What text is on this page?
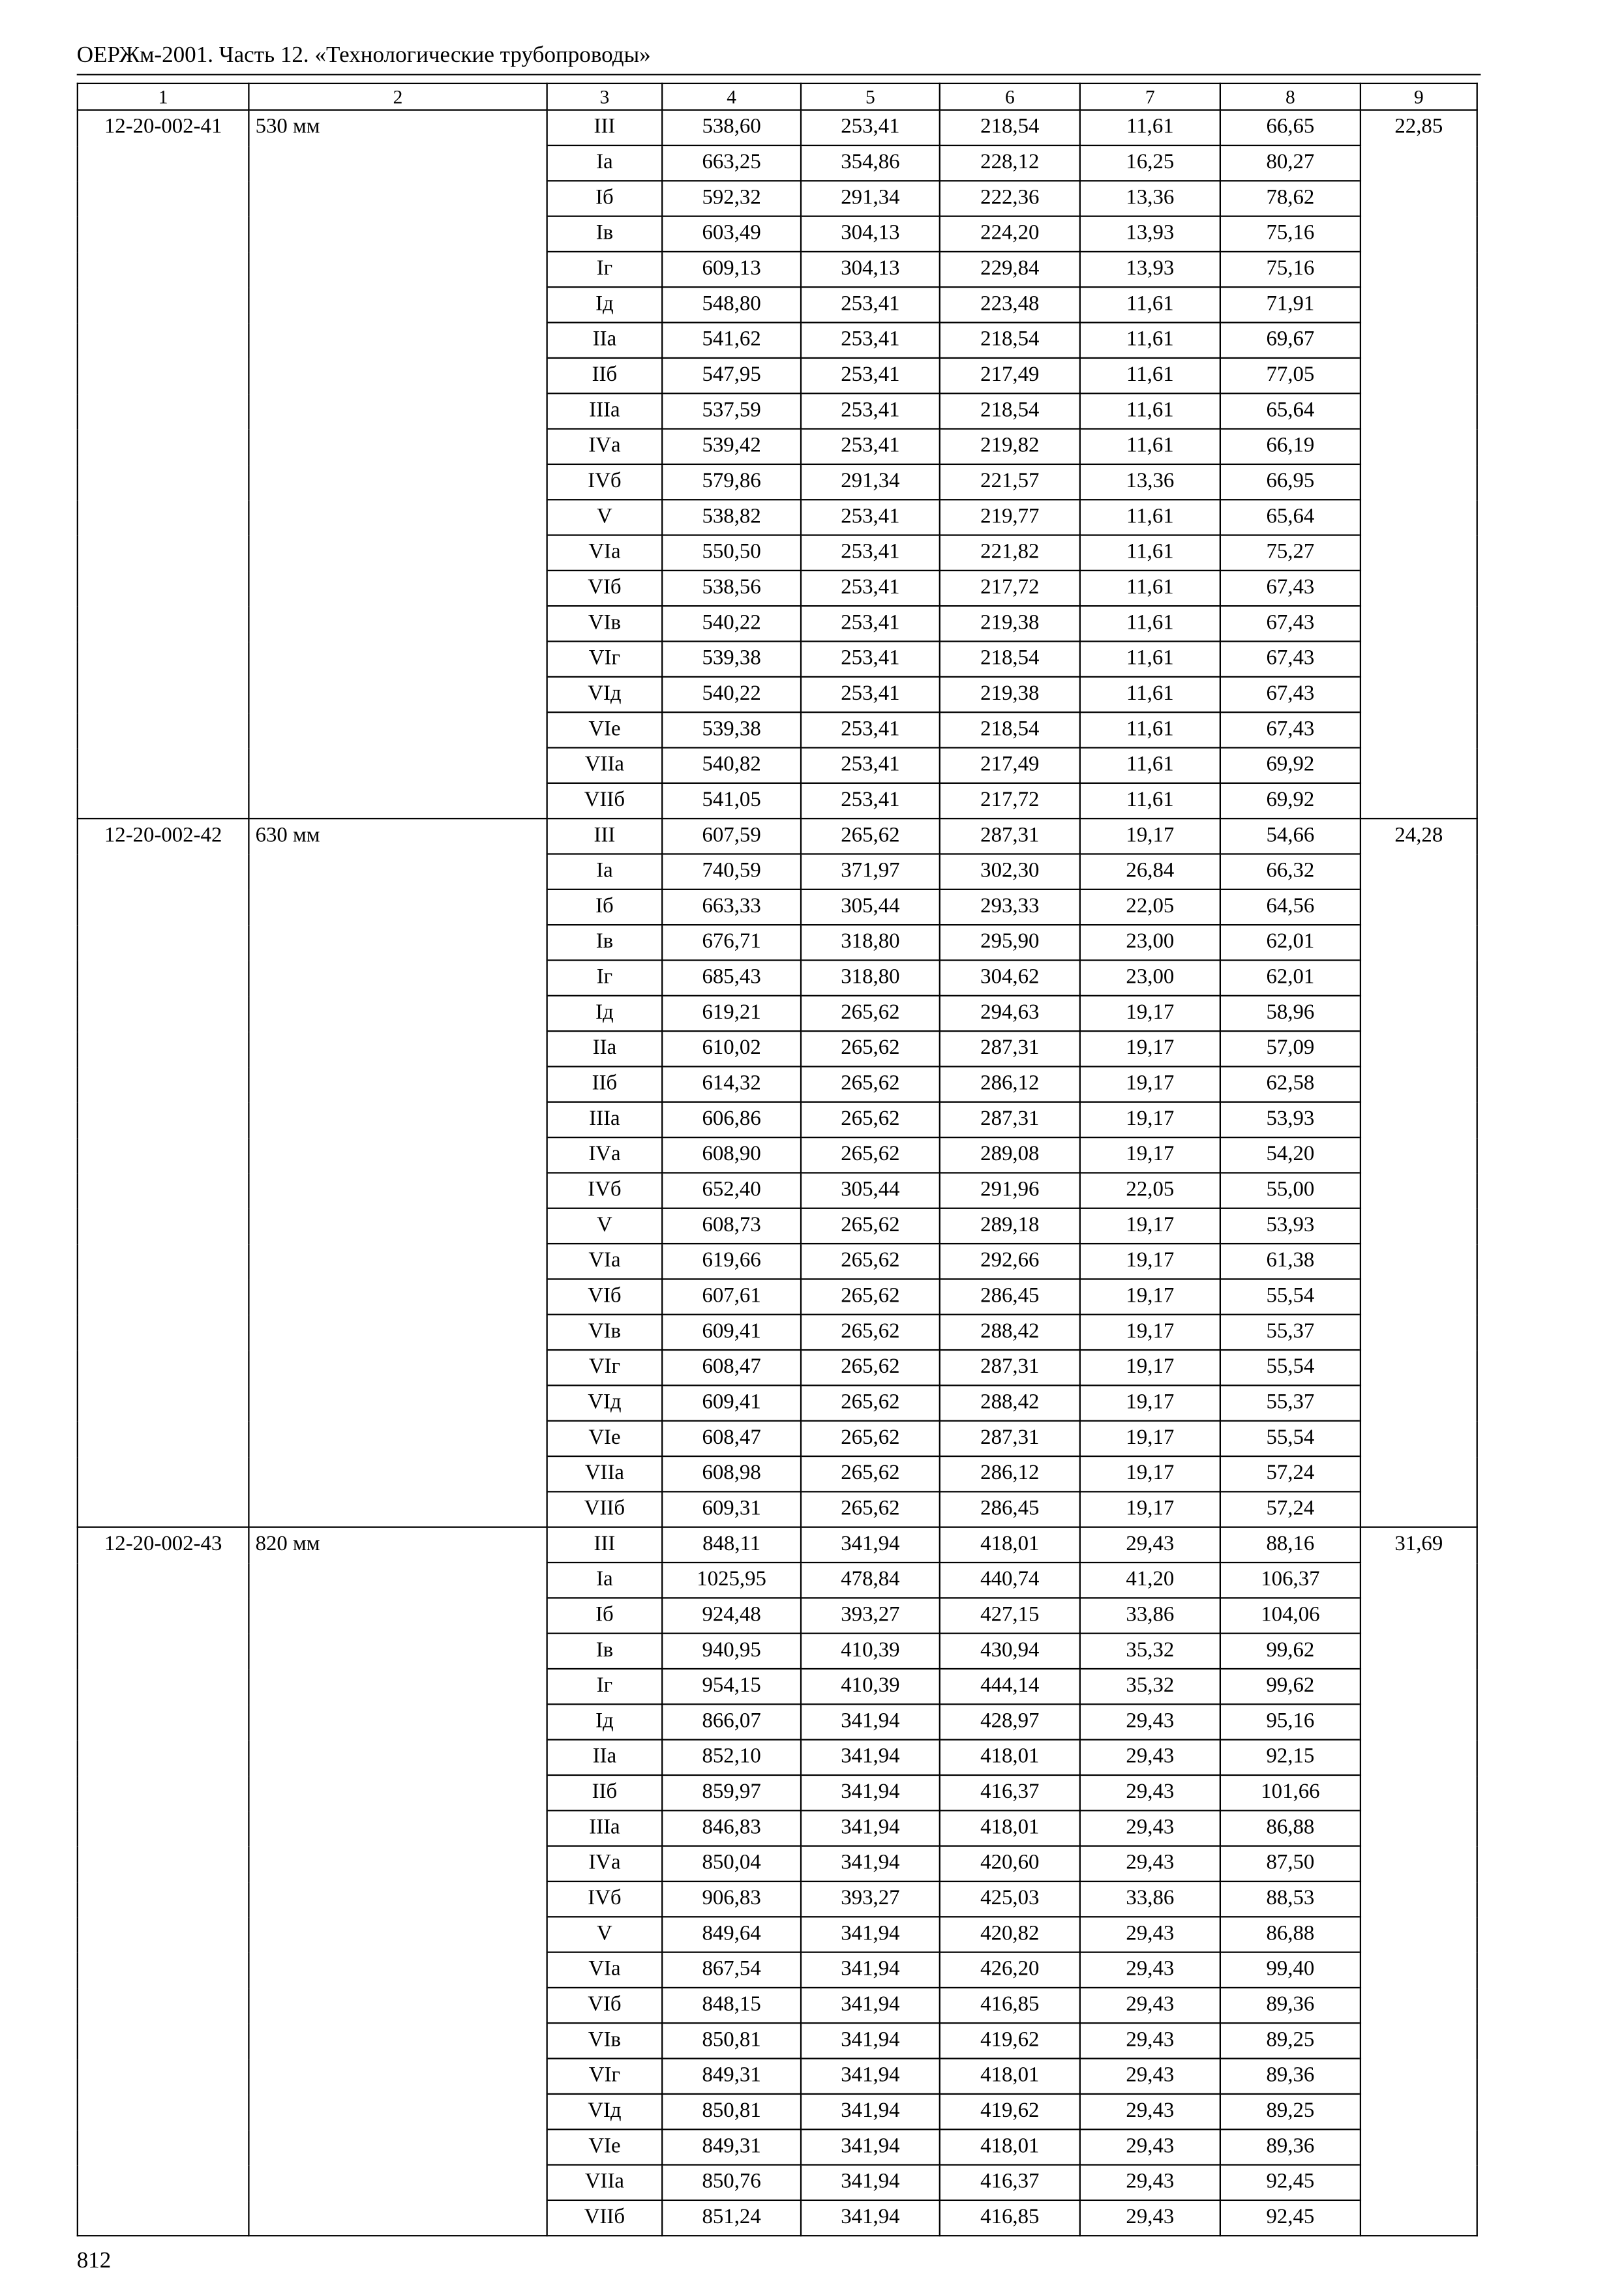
ОЕРЖм-2001. Часть 12. «Технологические трубопроводы»
1	2	3	4	5	6	7	8	9
12-20-002-41	530 мм	III	538,60	253,41	218,54	11,61	66,65	22,85
		Iа	663,25	354,86	228,12	16,25	80,27	
		Iб	592,32	291,34	222,36	13,36	78,62	
		Iв	603,49	304,13	224,20	13,93	75,16	
		Iг	609,13	304,13	229,84	13,93	75,16	
		Iд	548,80	253,41	223,48	11,61	71,91	
		IIа	541,62	253,41	218,54	11,61	69,67	
		IIб	547,95	253,41	217,49	11,61	77,05	
		IIIа	537,59	253,41	218,54	11,61	65,64	
		IVа	539,42	253,41	219,82	11,61	66,19	
		IVб	579,86	291,34	221,57	13,36	66,95	
		V	538,82	253,41	219,77	11,61	65,64	
		VIа	550,50	253,41	221,82	11,61	75,27	
		VIб	538,56	253,41	217,72	11,61	67,43	
		VIв	540,22	253,41	219,38	11,61	67,43	
		VIг	539,38	253,41	218,54	11,61	67,43	
		VIд	540,22	253,41	219,38	11,61	67,43	
		VIе	539,38	253,41	218,54	11,61	67,43	
		VIIа	540,82	253,41	217,49	11,61	69,92	
		VIIб	541,05	253,41	217,72	11,61	69,92	
12-20-002-42	630 мм	III	607,59	265,62	287,31	19,17	54,66	24,28
		Iа	740,59	371,97	302,30	26,84	66,32	
		Iб	663,33	305,44	293,33	22,05	64,56	
		Iв	676,71	318,80	295,90	23,00	62,01	
		Iг	685,43	318,80	304,62	23,00	62,01	
		Iд	619,21	265,62	294,63	19,17	58,96	
		IIа	610,02	265,62	287,31	19,17	57,09	
		IIб	614,32	265,62	286,12	19,17	62,58	
		IIIа	606,86	265,62	287,31	19,17	53,93	
		IVа	608,90	265,62	289,08	19,17	54,20	
		IVб	652,40	305,44	291,96	22,05	55,00	
		V	608,73	265,62	289,18	19,17	53,93	
		VIа	619,66	265,62	292,66	19,17	61,38	
		VIб	607,61	265,62	286,45	19,17	55,54	
		VIв	609,41	265,62	288,42	19,17	55,37	
		VIг	608,47	265,62	287,31	19,17	55,54	
		VIд	609,41	265,62	288,42	19,17	55,37	
		VIе	608,47	265,62	287,31	19,17	55,54	
		VIIа	608,98	265,62	286,12	19,17	57,24	
		VIIб	609,31	265,62	286,45	19,17	57,24	
12-20-002-43	820 мм	III	848,11	341,94	418,01	29,43	88,16	31,69
		Iа	1025,95	478,84	440,74	41,20	106,37	
		Iб	924,48	393,27	427,15	33,86	104,06	
		Iв	940,95	410,39	430,94	35,32	99,62	
		Iг	954,15	410,39	444,14	35,32	99,62	
		Iд	866,07	341,94	428,97	29,43	95,16	
		IIа	852,10	341,94	418,01	29,43	92,15	
		IIб	859,97	341,94	416,37	29,43	101,66	
		IIIа	846,83	341,94	418,01	29,43	86,88	
		IVа	850,04	341,94	420,60	29,43	87,50	
		IVб	906,83	393,27	425,03	33,86	88,53	
		V	849,64	341,94	420,82	29,43	86,88	
		VIа	867,54	341,94	426,20	29,43	99,40	
		VIб	848,15	341,94	416,85	29,43	89,36	
		VIв	850,81	341,94	419,62	29,43	89,25	
		VIг	849,31	341,94	418,01	29,43	89,36	
		VIд	850,81	341,94	419,62	29,43	89,25	
		VIе	849,31	341,94	418,01	29,43	89,36	
		VIIа	850,76	341,94	416,37	29,43	92,45	
		VIIб	851,24	341,94	416,85	29,43	92,45	
812
